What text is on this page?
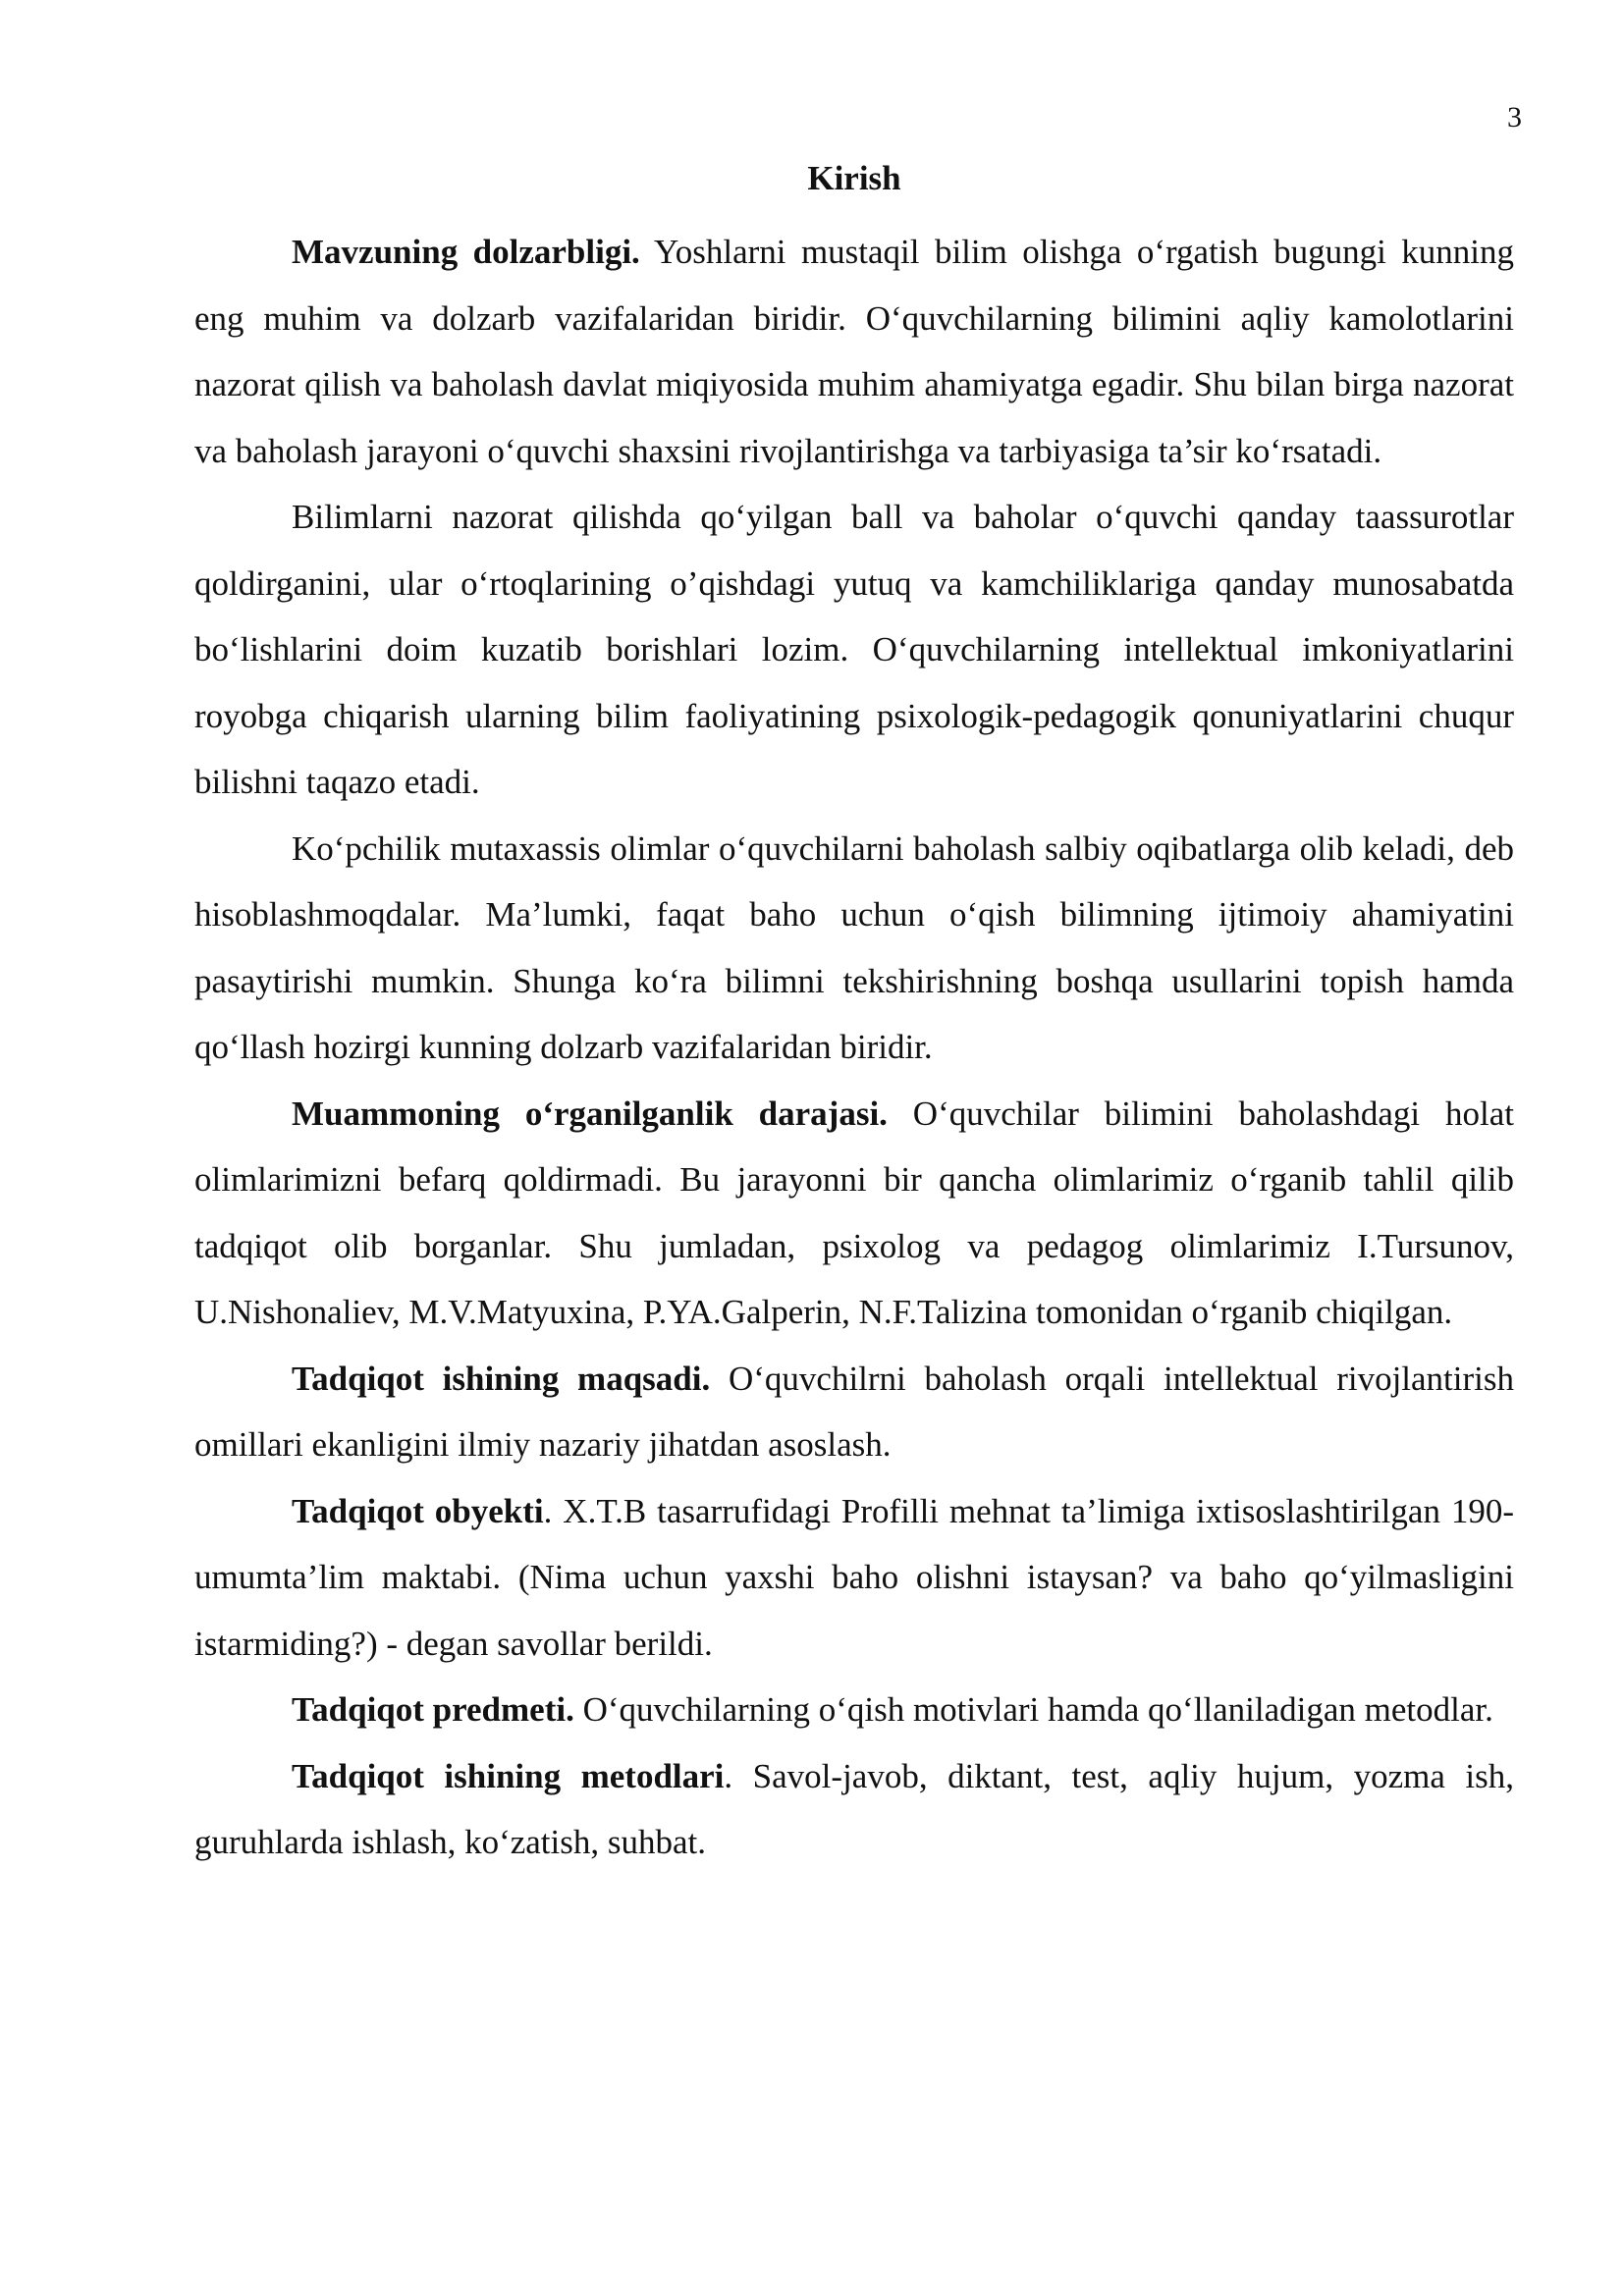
3
Kirish

Mavzuning dolzarbligi. Yoshlarni mustaqil bilim olishga o‘rgatish bugungi kunning eng muhim va dolzarb vazifalaridan biridir. O‘quvchilarning bilimini aqliy kamolotlarini nazorat qilish va baholash davlat miqiyosida muhim ahamiyatga egadir. Shu bilan birga nazorat va baholash jarayoni o‘quvchi shaxsini rivojlantirishga va tarbiyasiga ta’sir ko‘rsatadi.

Bilimlarni nazorat qilishda qo‘yilgan ball va baholar o‘quvchi qanday taassurotlar qoldirganini, ular o‘rtoqlarining o’qishdagi yutuq va kamchiliklariga qanday munosabatda bo‘lishlarini doim kuzatib borishlari lozim. O‘quvchilarning intellektual imkoniyatlarini royobga chiqarish ularning bilim faoliyatining psixologik-pedagogik qonuniyatlarini chuqur bilishni taqazo etadi.

Ko‘pchilik mutaxassis olimlar o‘quvchilarni baholash salbiy oqibatlarga olib keladi, deb hisoblashmoqdalar. Ma’lumki, faqat baho uchun o‘qish bilimning ijtimoiy ahamiyatini pasaytirishi mumkin. Shunga ko‘ra bilimni tekshirishning boshqa usullarini topish hamda qo‘llash hozirgi kunning dolzarb vazifalaridan biridir.

Muammoning o‘rganilganlik darajasi. O‘quvchilar bilimini baholashdagi holat olimlarimizni befarq qoldirmadi. Bu jarayonni bir qancha olimlarimiz o‘rganib tahlil qilib tadqiqot olib borganlar. Shu jumladan, psixolog va pedagog olimlarimiz I.Tursunov, U.Nishonaliev, M.V.Matyuxina, P.YA.Galperin, N.F.Talizina tomonidan o‘rganib chiqilgan.

Tadqiqot ishining maqsadi. O‘quvchilrni baholash orqali intellektual rivojlantirish omillari ekanligini ilmiy nazariy jihatdan asoslash.

Tadqiqot obyekti. X.T.B tasarrufidagi Profilli mehnat ta’limiga ixtisoslashtirilgan 190-umumta’lim maktabi. (Nima uchun yaxshi baho olishni istaysan? va baho qo‘yilmasligini istarmiding?) - degan savollar berildi.

Tadqiqot predmeti. O‘quvchilarning o‘qish motivlari hamda qo‘llaniladigan metodlar.

Tadqiqot ishining metodlari. Savol-javob, diktant, test, aqliy hujum, yozma ish, guruhlarda ishlash, ko‘zatish, suhbat.
